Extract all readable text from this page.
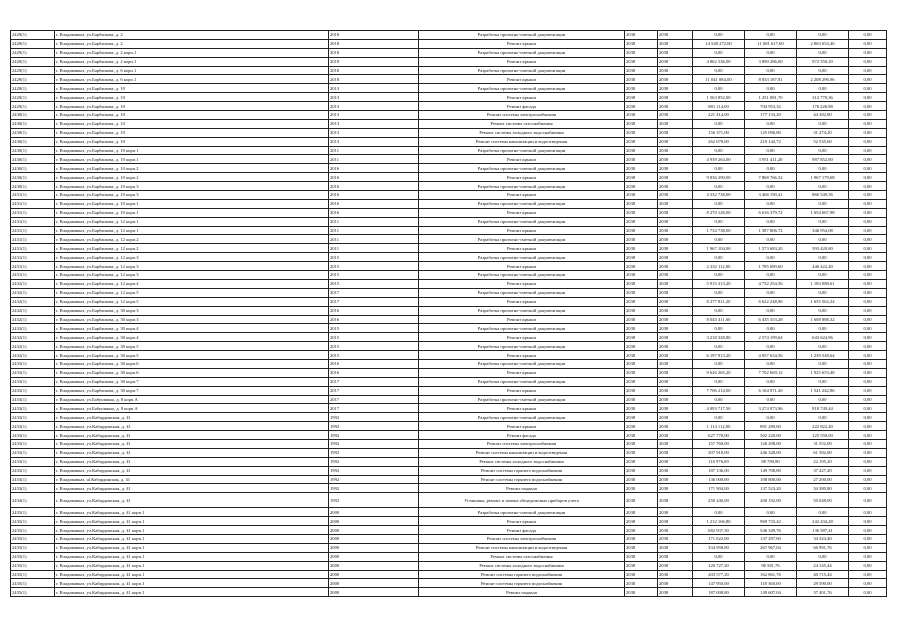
2429(1)	г. Владикавказ, ул.Барбашова, д. 2	2018	Разработка проектно-сметной документации	2038	2038	0,00	0,00	0,00	0,00
2429(1)	г. Владикавказ, ул.Барбашова, д. 2	2018	Ремонт крыши	2038	2038	14 548 272,00	11 681 617,60	2 863 654,40	0,00
2429(1)	г. Владикавказ, ул.Барбашова, д. 2 корп.1	2018	Разработка проектно-сметной документации	2038	2038	0,00	0,00	0,00	0,00
2429(1)	г. Владикавказ, ул.Барбашова, д. 2 корп.1	2018	Ремонт крыши	2038	2038	4 862 536,00	3 890 286,00	972 550,20	0,00
2429(1)	г. Владикавказ, ул.Барбашова, д. 6 корп.1	2018	Разработка проектно-сметной документации	2038	2038	0,00	0,00	0,00	0,00
2429(1)	г. Владикавказ, ул.Барбашова, д. 6 корп.1	2018	Ремонт крыши	2038	2038	11 041 884,00	8 833 187,81	2 208 296,96	0,00
2428(1)	г. Владикавказ, ул.Барбашова, д. 10	2013	Разработка проектно-сметной документации	2038	2038	0,00	0,00	0,00	0,00
2429(1)	г. Владикавказ, ул.Барбашова, д. 10	2013	Ремонт крыши	2038	2038	1 563 852,00	1 251 081,70	312 770,36	0,00
2429(1)	г. Владикавказ, ул.Барбашова, д. 10	2013	Ремонт фасада	2038	2038	881 114,00	704 953,32	176 226,88	0,00
2430(1)	г. Владикавказ, ул.Барбашова, д. 10	2013	Ремонт системы электроснабжения	2038	2038	221 414,00	177 133,20	44 282,80	0,00
2430(1)	г. Владикавказ, ул.Барбашова, д. 10	2013	Ремонт системы газоснабжения	2038	2038	0,00	0,00	0,00	0,00
2430(1)	г. Владикавказ, ул.Барбашова, д. 10	2013	Ремонт системы холодного водоснабжения	2038	2038	156 371,00	125 096,80	31 274,20	0,00
2430(1)	г. Владикавказ, ул.Барбашова, д. 10	2013	Ремонт системы канализации и водоотведения	2038	2038	262 678,00	210 142,72	52 535,60	0,00
2430(1)	г. Владикавказ, ул.Барбашова, д. 10 корп.1	2011	Разработка проектно-сметной документации	2038	2038	0,00	0,00	0,00	0,00
2430(1)	г. Владикавказ, ул.Барбашова, д. 10 корп.1	2011	Ремонт крыши	2038	2038	4 939 264,00	3 951 411,20	987 852,80	0,00
2430(1)	г. Владикавказ, ул.Барбашова, д. 10 корп.2	2016	Разработка проектно-сметной документации	2038	2038	0,00	0,00	0,00	0,00
2430(1)	г. Владикавказ, ул.Барбашова, д. 10 корп.2	2016	Ремонт крыши	2038	2038	9 836 290,00	7 868 766,32	1 967 179,68	0,00
2430(1)	г. Владикавказ, ул.Барбашова, д. 10 корп.3	2016	Разработка проектно-сметной документации	2038	2038	0,00	0,00	0,00	0,00
2431(1)	г. Владикавказ, ул.Барбашова, д. 10 корп.3	2016	Ремонт крыши	2038	2038	4 332 738,00	3 466 190,41	866 549,56	0,00
2431(1)	г. Владикавказ, ул.Барбашова, д. 10 корп.1	2016	Разработка проектно-сметной документации	2038	2038	0,00	0,00	0,00	0,00
2431(1)	г. Владикавказ, ул.Барбашова, д. 10 корп.1	2016	Ремонт крыши	2038	2038	8 270 128,00	6 616 379,72	1 654 667,98	0,00
2431(1)	г. Владикавказ, ул.Барбашова, д. 12 корп.1	2011	Разработка проектно-сметной документации	2038	2038	0,00	0,00	0,00	0,00
2431(1)	г. Владикавказ, ул.Барбашова, д. 12 корп.1	2011	Ремонт крыши	2038	2038	1 734 738,00	1 387 806,72	346 954,08	0,00
2431(1)	г. Владикавказ, ул.Барбашова, д. 12 корп.2	2011	Разработка проектно-сметной документации	2038	2038	0,00	0,00	0,00	0,00
2431(1)	г. Владикавказ, ул.Барбашова, д. 12 корп.2	2011	Ремонт крыши	2038	2038	1 967 104,00	1 573 683,20	393 420,80	0,00
2431(1)	г. Владикавказ, ул.Барбашова, д. 12 корп.3	2015	Разработка проектно-сметной документации	2038	2038	0,00	0,00	0,00	0,00
2431(1)	г. Владикавказ, ул.Барбашова, д. 12 корп.3	2015	Ремонт крыши	2038	2038	2 232 112,00	1 785 689,60	446 422,40	0,00
2431(1)	г. Владикавказ, ул.Барбашова, д. 12 корп.3	2015	Разработка проектно-сметной документации	2038	2038	0,00	0,00	0,00	0,00
2432(1)	г. Владикавказ, ул.Барбашова, д. 12 корп.4	2015	Ремонт крыши	2038	2038	5 915 313,20	4 732 254,56	1 183 088,61	0,00
2432(1)	г. Владикавказ, ул.Барбашова, д. 12 корп.5	2017	Разработка проектно-сметной документации	2038	2038	0,00	0,00	0,00	0,00
2432(1)	г. Владикавказ, ул.Барбашова, д. 12 корп.5	2017	Ремонт крыши	2038	2038	8 277 811,20	6 622 248,96	1 655 562,24	0,00
2432(1)	г. Владикавказ, ул.Барбашова, д. 30 корп.3	2016	Разработка проектно-сметной документации	2038	2038	0,00	0,00	0,00	0,00
2432(1)	г. Владикавказ, ул.Барбашова, д. 30 корп.3	2016	Ремонт крыши	2038	2038	8 043 411,60	6 435 353,28	1 608 888,32	0,00
2432(1)	г. Владикавказ, ул.Барбашова, д. 30 корп.4	2015	Разработка проектно-сметной документации	2038	2038	0,00	0,00	0,00	0,00
2432(1)	г. Владикавказ, ул.Барбашова, д. 30 корп.4	2015	Ремонт крыши	2038	2038	3 218 328,80	2 574 199,04	643 624,96	0,00
2432(1)	г. Владикавказ, ул.Барбашова, д. 30 корп.5	2015	Разработка проектно-сметной документации	2038	2038	0,00	0,00	0,00	0,00
2432(1)	г. Владикавказ, ул.Барбашова, д. 30 корп.5	2015	Ремонт крыши	2038	2038	6 197 913,20	4 957 634,56	1 239 548,64	0,00
2433(1)	г. Владикавказ, ул.Барбашова, д. 30 корп.6	2016	Разработка проектно-сметной документации	2038	2038	0,00	0,00	0,00	0,00
2433(1)	г. Владикавказ, ул.Барбашова, д. 30 корп.6	2016	Ремонт крыши	2038	2038	9 626 265,20	7 702 669,12	1 925 653,48	0,00
2433(1)	г. Владикавказ, ул.Барбашова, д. 30 корп.7	2017	Разработка проектно-сметной документации	2038	2038	0,00	0,00	0,00	0,00
2433(1)	г. Владикавказ, ул.Барбашова, д. 30 корп.7	2017	Ремонт крыши	2038	2038	7 706 214,00	6 164 971,20	1 541 242,86	0,00
2433(1)	г. Владикавказ, ул.Бабушкина, д. 8 корп.А	2017	Разработка проектно-сметной документации	2038	2038	0,00	0,00	0,00	0,00
2433(1)	г. Владикавказ, ул.Бабушкина, д. 8 корп.А	2017	Ремонт крыши	2038	2038	4 093 717,50	3 274 973,96	818 749,44	0,00
2433(1)	г. Владикавказ, ул.Кабардинская, д. 41	1992	Разработка проектно-сметной документации	2038	2038	0,00	0,00	0,00	0,00
2433(1)	г. Владикавказ, ул.Кабардинская, д. 41	1992	Ремонт крыши	2038	2038	1 114 112,00	891 289,60	222 822,40	0,00
2433(1)	г. Владикавказ, ул.Кабардинская, д. 41	1992	Ремонт фасада	2038	2038	627 770,00	502 220,00	125 550,00	0,00
2433(1)	г. Владикавказ, ул.Кабардинская, д. 41	1992	Ремонт системы электроснабжения	2038	2038	157 760,00	126 208,00	31 552,00	0,00
2433(1)	г. Владикавказ, ул.Кабардинская, д. 41	1992	Ремонт системы канализации и водоотведения	2038	2038	307 910,00	246 328,00	61 582,00	0,00
2433(1)	г. Владикавказ, ул.Кабардинская, д. 41	1992	Ремонт системы холодного водоснабжения	2038	2038	110 976,00	88 780,80	22 195,20	0,00
2433(1)	г. Владикавказ, ул.Кабардинская, д. 41	1992	Ремонт системы горячего водоснабжения	2038	2038	187 136,00	149 708,80	37 427,20	0,00
2433(1)	г. Владикавказ, ul.Кабардинская, д. 41	1992	Ремонт системы горячего водоснабжения	2038	2038	136 000,00	108 800,00	27 200,00	0,00
2433(1)	г. Владикавказ, ул.Кабардинская, д. 41	1992	Ремонт подвала	2038	2038	171 904,00	137 523,20	34 380,80	0,00
2434(1)	г. Владикавказ, ул.Кабардинская, д. 41	1992	Установка, ремонт и замена общедомовых приборов учета	2038	2038	250 240,00	200 192,00	50 048,00	0,00
2435(1)	г. Владикавказ, ул.Кабардинская, д. 41 корп.1	2000	Разработка проектно-сметной документации	2038	2038	0,00	0,00	0,00	0,00
2435(1)	г. Владикавказ, ул.Кабардинская, д. 41 корп.1	2000	Ремонт крыши	2038	2038	1 212 166,80	969 733,42	242 434,28	0,00
2435(1)	г. Владикавказ, ул.Кабардинская, д. 41 корп.1	2000	Ремонт фасада	2038	2038	682 937,30	546 349,76	136 587,41	0,00
2435(1)	г. Владикавказ, ул.Кабардинская, д. 41 корп.1	2000	Ремонт системы электроснабжения	2038	2038	171 622,00	137 297,60	34 324,40	0,00
2435(1)	г. Владикавказ, ул.Кабардинская, д. 41 корп.1	2000	Ремонт системы канализации и водоотведения	2038	2038	334 958,80	267 967,04	66 991,76	0,00
2435(1)	г. Владикавказ, ул.Кабардинская, д. 41 корп.1	2000	Ремонт системы газоснабжения	2038	2038	0,00	0,00	0,00	0,00
2435(1)	г. Владикавказ, ул.Кабардинская, д. 41 корп.1	2000	Ремонт системы холодного водоснабжения	2038	2038	120 727,20	96 581,76	24 145,44	0,00
2435(1)	г. Владикавказ, ул.Кабардинская, д. 41 корп.1	2000	Ремонт системы горячего водоснабжения	2038	2038	203 577,20	162 861,76	40 715,44	0,00
2435(1)	г. Владикавказ, ул.Кабардинская, д. 41 корп.1	2000	Ремонт системы горячего водоснабжения	2038	2038	147 950,00	118 360,00	29 590,00	0,00
2435(1)	г. Владикавказ, ул.Кабардинская, д. 41 корп.1	2000	Ремонт подвала	2038	2038	187 008,80	149 607,04	37 401,76	0,00
